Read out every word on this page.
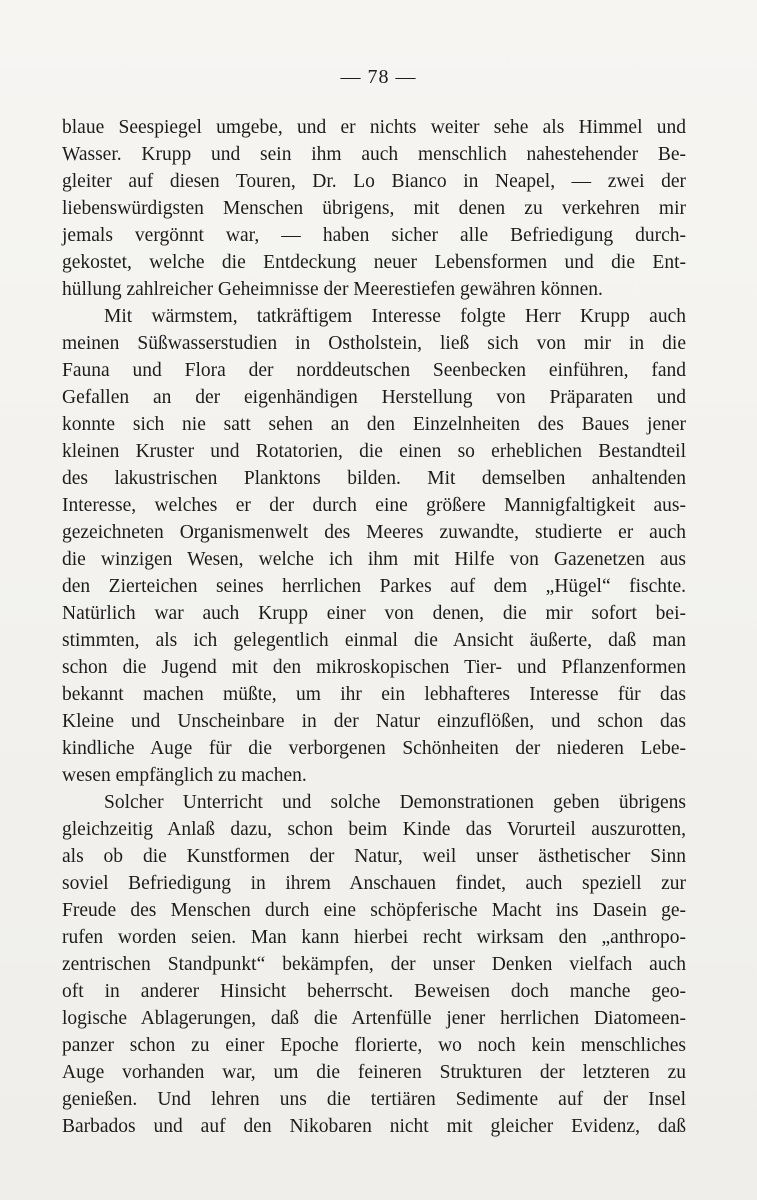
— 78 —
blaue Seespiegel umgebe, und er nichts weiter sehe als Himmel und
Wasser. Krupp und sein ihm auch menschlich nahestehender Be-
gleiter auf diesen Touren, Dr. Lo Bianco in Neapel, — zwei der
liebenswürdigsten Menschen übrigens, mit denen zu verkehren mir
jemals vergönnt war, — haben sicher alle Befriedigung durch-
gekostet, welche die Entdeckung neuer Lebensformen und die Ent-
hüllung zahlreicher Geheimnisse der Meerestiefen gewähren können.
Mit wärmstem, tatkräftigem Interesse folgte Herr Krupp auch
meinen Süßwasserstudien in Ostholstein, ließ sich von mir in die
Fauna und Flora der norddeutschen Seenbecken einführen, fand
Gefallen an der eigenhändigen Herstellung von Präparaten und
konnte sich nie satt sehen an den Einzelnheiten des Baues jener
kleinen Kruster und Rotatorien, die einen so erheblichen Bestandteil
des lakustrischen Planktons bilden. Mit demselben anhaltenden
Interesse, welches er der durch eine größere Mannigfaltigkeit aus-
gezeichneten Organismenwelt des Meeres zuwandte, studierte er auch
die winzigen Wesen, welche ich ihm mit Hilfe von Gazenetzen aus
den Zierteichen seines herrlichen Parkes auf dem „Hügel“ fischte.
Natürlich war auch Krupp einer von denen, die mir sofort bei-
stimmten, als ich gelegentlich einmal die Ansicht äußerte, daß man
schon die Jugend mit den mikroskopischen Tier- und Pflanzenformen
bekannt machen müßte, um ihr ein lebhafteres Interesse für das
Kleine und Unscheinbare in der Natur einzuflößen, und schon das
kindliche Auge für die verborgenen Schönheiten der niederen Lebe-
wesen empfänglich zu machen.
Solcher Unterricht und solche Demonstrationen geben übrigens
gleichzeitig Anlaß dazu, schon beim Kinde das Vorurteil auszurotten,
als ob die Kunstformen der Natur, weil unser ästhetischer Sinn
soviel Befriedigung in ihrem Anschauen findet, auch speziell zur
Freude des Menschen durch eine schöpferische Macht ins Dasein ge-
rufen worden seien. Man kann hierbei recht wirksam den „anthropo-
zentrischen Standpunkt“ bekämpfen, der unser Denken vielfach auch
oft in anderer Hinsicht beherrscht. Beweisen doch manche geo-
logische Ablagerungen, daß die Artenfülle jener herrlichen Diatomeen-
panzer schon zu einer Epoche florierte, wo noch kein menschliches
Auge vorhanden war, um die feineren Strukturen der letzteren zu
genießen. Und lehren uns die tertiären Sedimente auf der Insel
Barbados und auf den Nikobaren nicht mit gleicher Evidenz, daß
